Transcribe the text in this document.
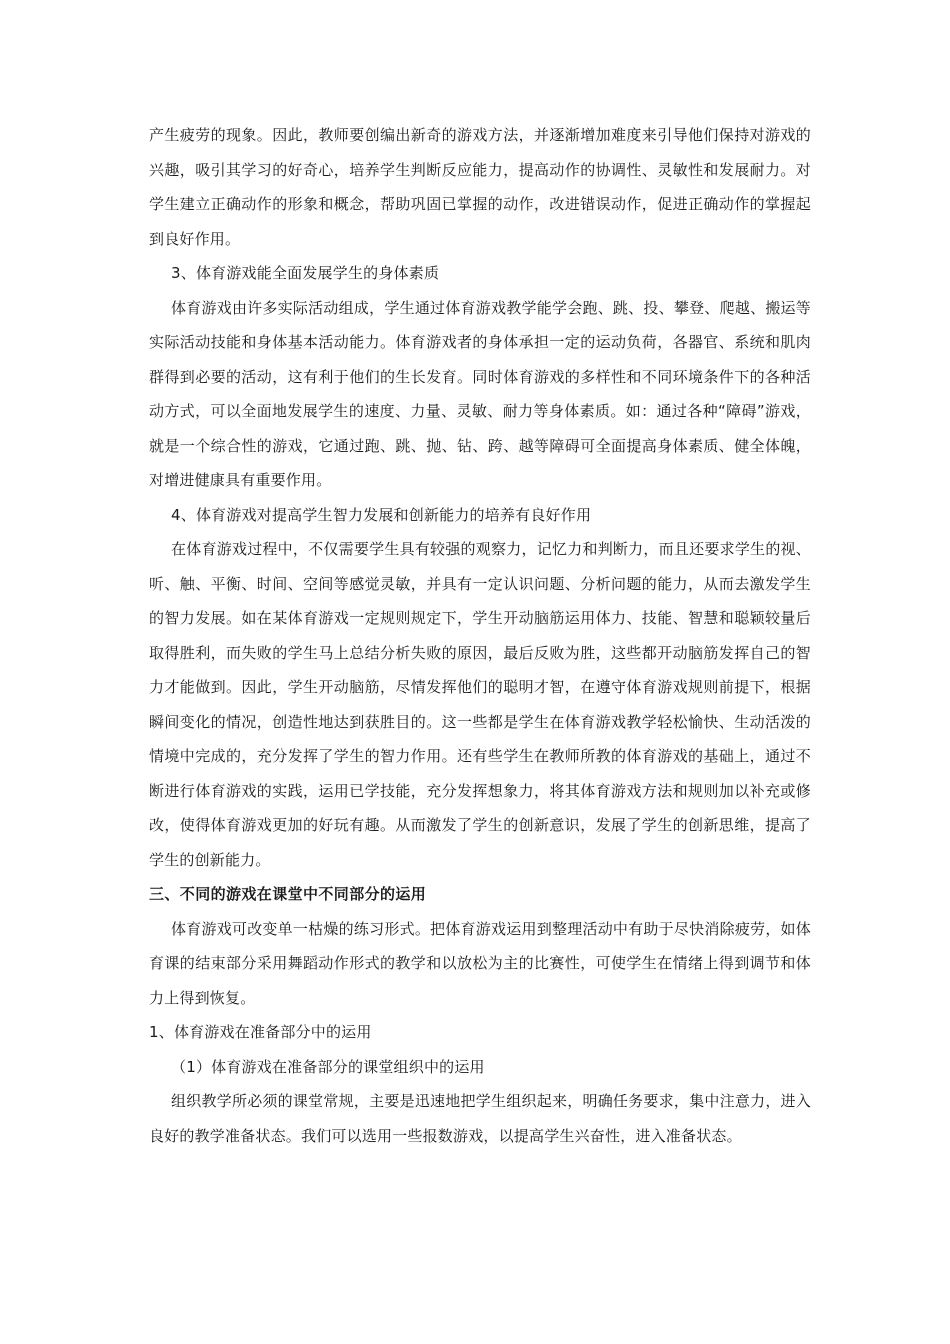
产生疲劳的现象。因此，教师要创编出新奇的游戏方法，并逐渐增加难度来引导他们保持对游戏的兴趣，吸引其学习的好奇心，培养学生判断反应能力，提高动作的协调性、灵敏性和发展耐力。对学生建立正确动作的形象和概念，帮助巩固已掌握的动作，改进错误动作，促进正确动作的掌握起到良好作用。

3、体育游戏能全面发展学生的身体素质

体育游戏由许多实际活动组成，学生通过体育游戏教学能学会跑、跳、投、攀登、爬越、搬运等实际活动技能和身体基本活动能力。体育游戏者的身体承担一定的运动负荷，各器官、系统和肌肉群得到必要的活动，这有利于他们的生长发育。同时体育游戏的多样性和不同环境条件下的各种活动方式，可以全面地发展学生的速度、力量、灵敏、耐力等身体素质。如：通过各种“障碍”游戏，就是一个综合性的游戏，它通过跑、跳、抛、钻、跨、越等障碍可全面提高身体素质、健全体魄，对增进健康具有重要作用。

4、体育游戏对提高学生智力发展和创新能力的培养有良好作用

在体育游戏过程中，不仅需要学生具有较强的观察力，记忆力和判断力，而且还要求学生的视、听、触、平衡、时间、空间等感觉灵敏，并具有一定认识问题、分析问题的能力，从而去激发学生的智力发展。如在某体育游戏一定规则规定下，学生开动脑筋运用体力、技能、智慧和聪颖较量后取得胜利，而失败的学生马上总结分析失败的原因，最后反败为胜，这些都开动脑筋发挥自己的智力才能做到。因此，学生开动脑筋，尽情发挥他们的聪明才智，在遵守体育游戏规则前提下，根据瞬间变化的情况，创造性地达到获胜目的。这一些都是学生在体育游戏教学轻松愉快、生动活泼的情境中完成的，充分发挥了学生的智力作用。还有些学生在教师所教的体育游戏的基础上，通过不断进行体育游戏的实践，运用已学技能，充分发挥想象力，将其体育游戏方法和规则加以补充或修改，使得体育游戏更加的好玩有趣。从而激发了学生的创新意识，发展了学生的创新思维，提高了学生的创新能力。

三、不同的游戏在课堂中不同部分的运用

体育游戏可改变单一枯燥的练习形式。把体育游戏运用到整理活动中有助于尽快消除疲劳，如体育课的结束部分采用舞蹈动作形式的教学和以放松为主的比赛性，可使学生在情绪上得到调节和体力上得到恢复。

1、体育游戏在准备部分中的运用

（1）体育游戏在准备部分的课堂组织中的运用

组织教学所必须的课堂常规，主要是迅速地把学生组织起来，明确任务要求，集中注意力，进入良好的教学准备状态。我们可以选用一些报数游戏，以提高学生兴奋性，进入准备状态。
